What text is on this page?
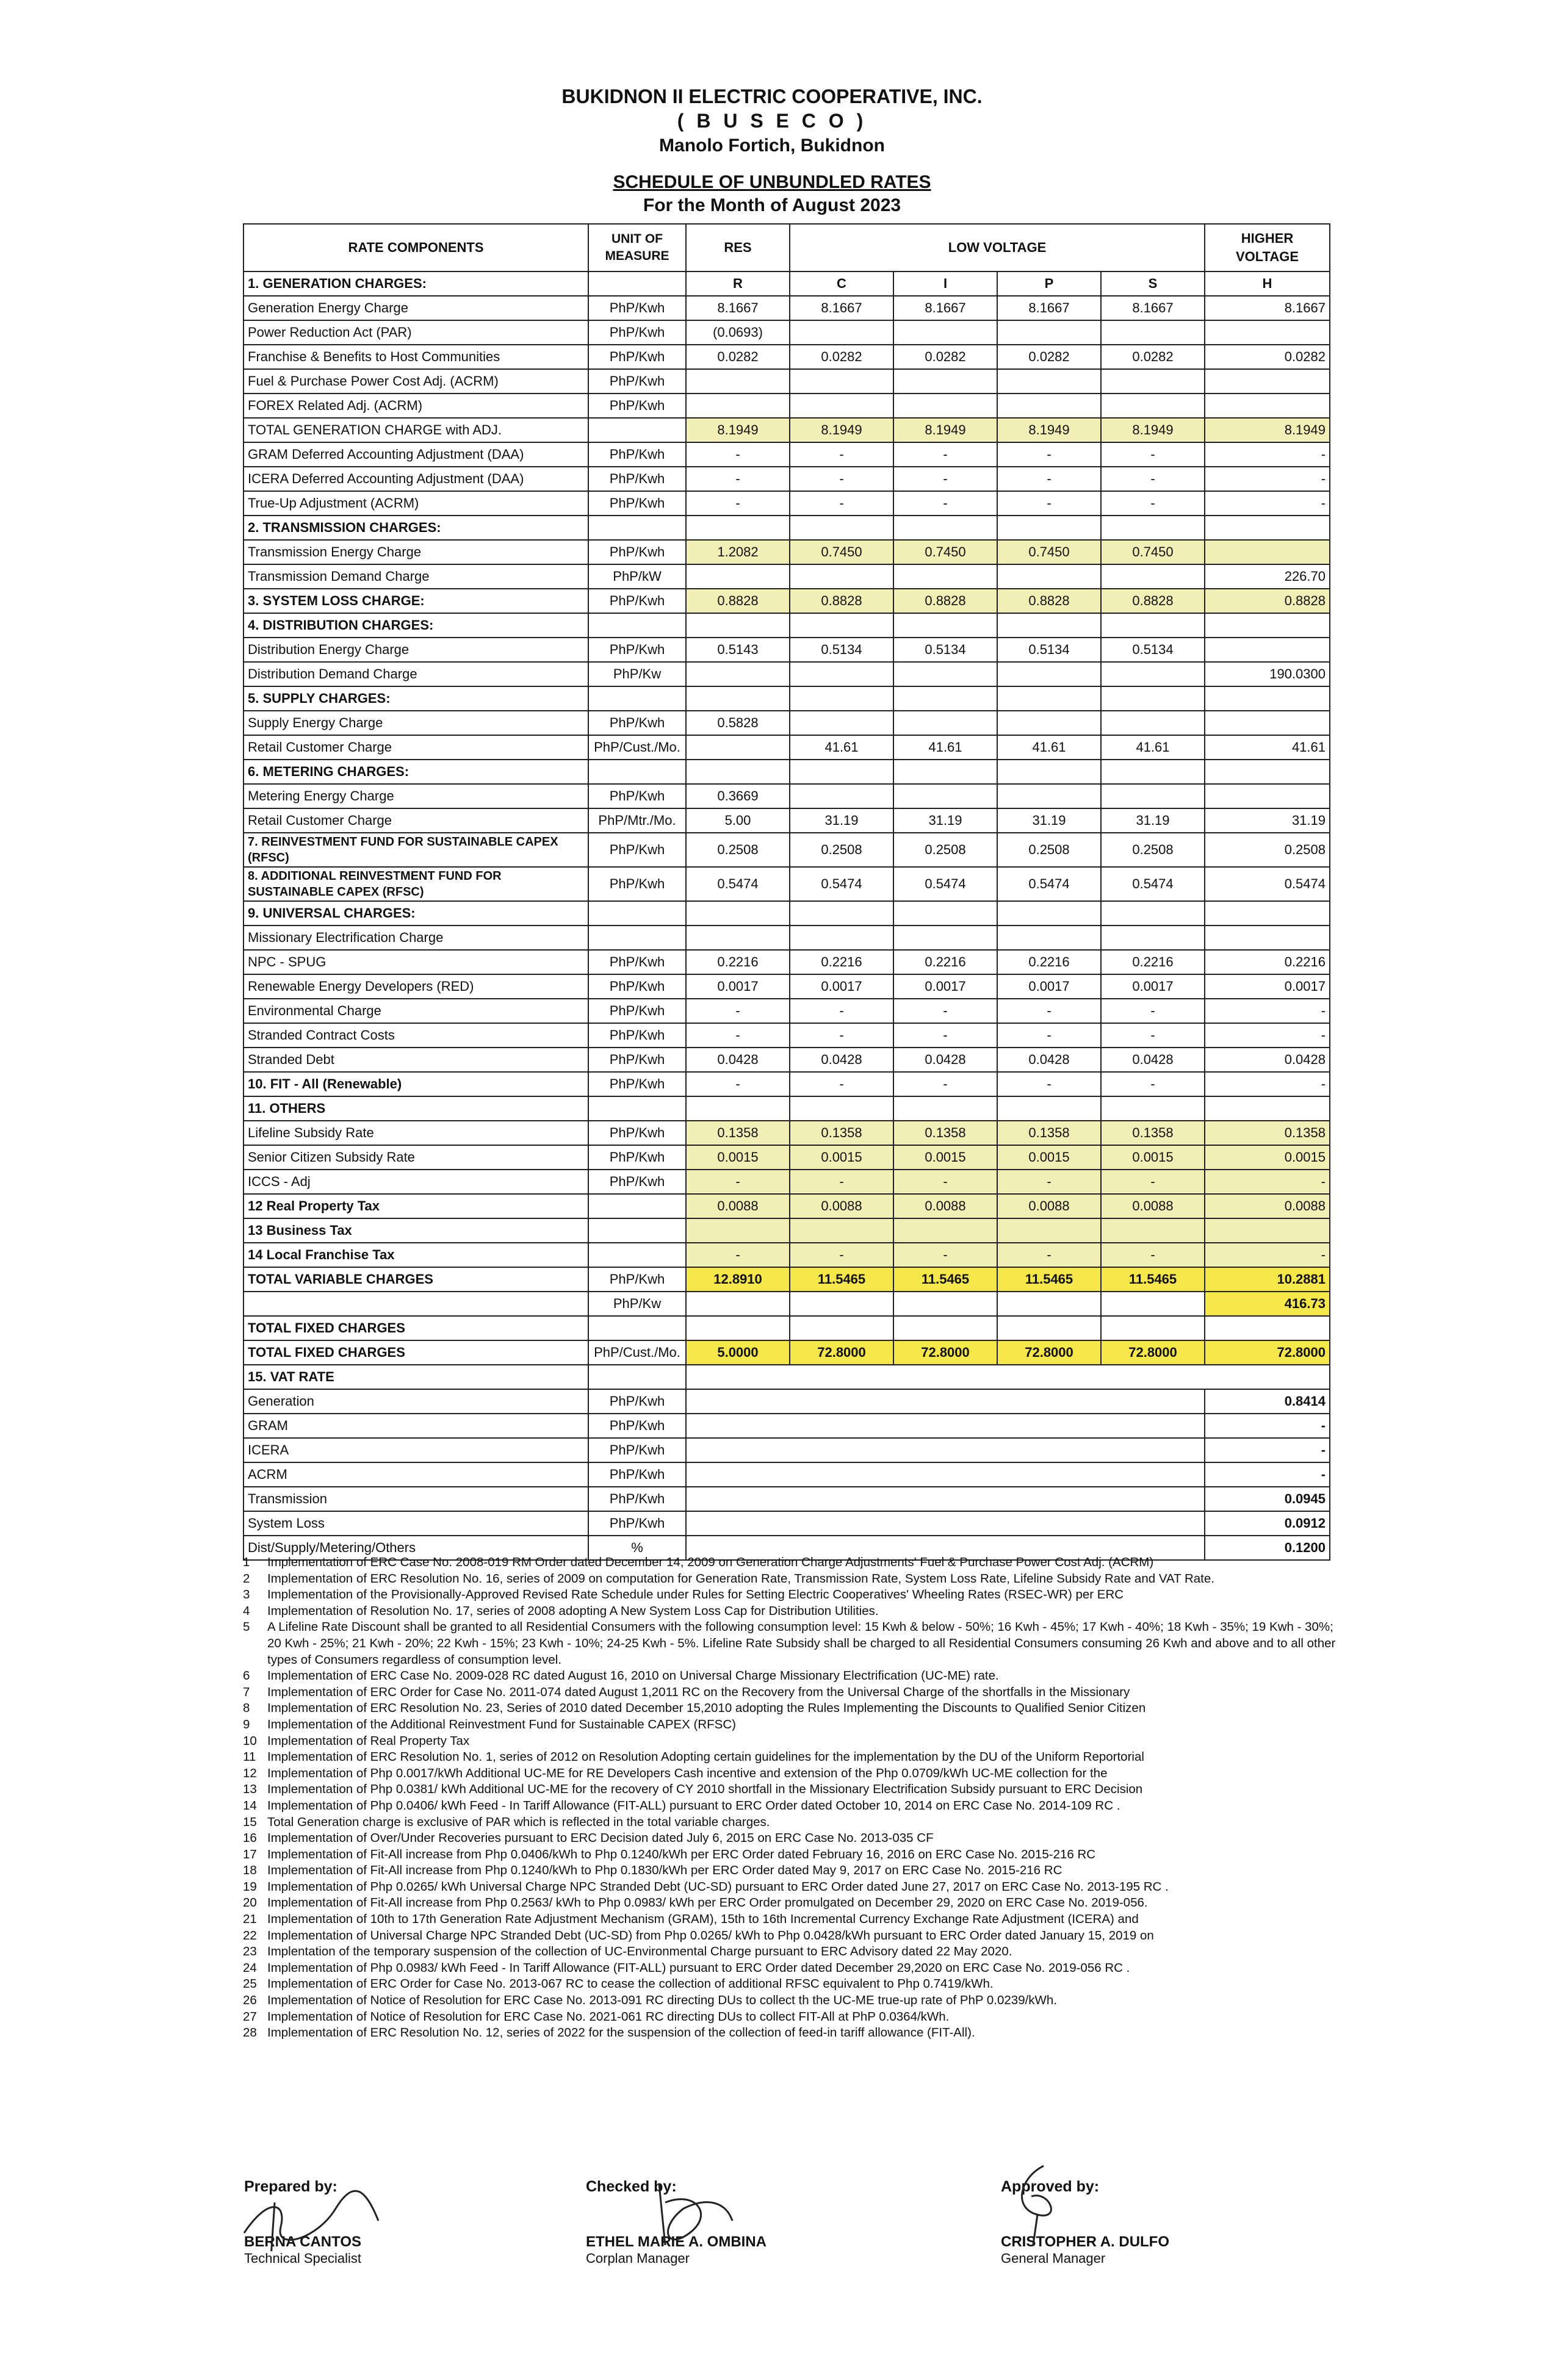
BUKIDNON II ELECTRIC COOPERATIVE, INC.
( B U S E C O )
Manolo Fortich, Bukidnon
SCHEDULE OF UNBUNDLED RATES
For the Month of August 2023
RATE COMPONENTS	UNIT OF MEASURE	RES	LOW VOLTAGE				HIGHER VOLTAGE
1. GENERATION CHARGES:		R	C	I	P	S	H
Generation Energy Charge	PhP/Kwh	8.1667	8.1667	8.1667	8.1667	8.1667	8.1667
Power Reduction Act (PAR)	PhP/Kwh	(0.0693)					
Franchise & Benefits to Host Communities	PhP/Kwh	0.0282	0.0282	0.0282	0.0282	0.0282	0.0282
Fuel & Purchase Power Cost Adj. (ACRM)	PhP/Kwh						
FOREX Related Adj. (ACRM)	PhP/Kwh						
TOTAL GENERATION CHARGE with ADJ.		8.1949	8.1949	8.1949	8.1949	8.1949	8.1949
GRAM Deferred Accounting Adjustment (DAA)	PhP/Kwh	-	-	-	-	-	-
ICERA Deferred Accounting Adjustment (DAA)	PhP/Kwh	-	-	-	-	-	-
True-Up Adjustment (ACRM)	PhP/Kwh	-	-	-	-	-	-
2. TRANSMISSION CHARGES:							
Transmission Energy Charge	PhP/Kwh	1.2082	0.7450	0.7450	0.7450	0.7450	
Transmission Demand Charge	PhP/kW						226.70
3. SYSTEM LOSS CHARGE:	PhP/Kwh	0.8828	0.8828	0.8828	0.8828	0.8828	0.8828
4. DISTRIBUTION CHARGES:							
Distribution Energy Charge	PhP/Kwh	0.5143	0.5134	0.5134	0.5134	0.5134	
Distribution Demand Charge	PhP/Kw						190.0300
5. SUPPLY CHARGES:							
Supply Energy Charge	PhP/Kwh	0.5828					
Retail Customer Charge	PhP/Cust./Mo.		41.61	41.61	41.61	41.61	41.61
6. METERING CHARGES:							
Metering Energy Charge	PhP/Kwh	0.3669					
Retail Customer Charge	PhP/Mtr./Mo.	5.00	31.19	31.19	31.19	31.19	31.19
7. REINVESTMENT FUND FOR SUSTAINABLE CAPEX (RFSC)	PhP/Kwh	0.2508	0.2508	0.2508	0.2508	0.2508	0.2508
8. ADDITIONAL REINVESTMENT FUND FOR SUSTAINABLE CAPEX (RFSC)	PhP/Kwh	0.5474	0.5474	0.5474	0.5474	0.5474	0.5474
9. UNIVERSAL CHARGES:							
Missionary Electrification Charge							
NPC - SPUG	PhP/Kwh	0.2216	0.2216	0.2216	0.2216	0.2216	0.2216
Renewable Energy Developers (RED)	PhP/Kwh	0.0017	0.0017	0.0017	0.0017	0.0017	0.0017
Environmental Charge	PhP/Kwh	-	-	-	-	-	-
Stranded Contract Costs	PhP/Kwh	-	-	-	-	-	-
Stranded Debt	PhP/Kwh	0.0428	0.0428	0.0428	0.0428	0.0428	0.0428
10. FIT - All (Renewable)	PhP/Kwh	-	-	-	-	-	-
11. OTHERS							
Lifeline Subsidy Rate	PhP/Kwh	0.1358	0.1358	0.1358	0.1358	0.1358	0.1358
Senior Citizen Subsidy Rate	PhP/Kwh	0.0015	0.0015	0.0015	0.0015	0.0015	0.0015
ICCS - Adj	PhP/Kwh	-	-	-	-	-	-
12 Real Property Tax		0.0088	0.0088	0.0088	0.0088	0.0088	0.0088
13 Business Tax							
14 Local Franchise Tax		-	-	-	-	-	-
TOTAL VARIABLE CHARGES	PhP/Kwh	12.8910	11.5465	11.5465	11.5465	11.5465	10.2881
	PhP/Kw						416.73
TOTAL FIXED CHARGES							
TOTAL FIXED CHARGES	PhP/Cust./Mo.	5.0000	72.8000	72.8000	72.8000	72.8000	72.8000
15. VAT RATE							
Generation	PhP/Kwh						0.8414
GRAM	PhP/Kwh						-
ICERA	PhP/Kwh						-
ACRM	PhP/Kwh						-
Transmission	PhP/Kwh						0.0945
System Loss	PhP/Kwh						0.0912
Dist/Supply/Metering/Others	%						0.1200
1	Implementation of ERC Case No. 2008-019 RM Order dated December 14, 2009 on Generation Charge Adjustments' Fuel & Purchase Power Cost Adj. (ACRM)
2	Implementation of ERC Resolution No. 16, series of 2009 on computation for Generation Rate, Transmission Rate, System Loss Rate, Lifeline Subsidy Rate and VAT Rate.
3	Implementation of the Provisionally-Approved Revised Rate Schedule under Rules for Setting Electric Cooperatives' Wheeling Rates (RSEC-WR) per ERC
4	Implementation of Resolution No. 17, series of 2008 adopting A New System Loss Cap for Distribution Utilities.
5	A Lifeline Rate Discount shall be granted to all Residential Consumers with the following consumption level: 15 Kwh & below - 50%; 16 Kwh - 45%; 17 Kwh - 40%; 18 Kwh - 35%; 19 Kwh - 30%; 20 Kwh - 25%; 21 Kwh - 20%; 22 Kwh - 15%; 23 Kwh - 10%; 24-25 Kwh - 5%. Lifeline Rate Subsidy shall be charged to all Residential Consumers consuming 26 Kwh and above and to all other types of Consumers regardless of consumption level.
6	Implementation of ERC Case No. 2009-028 RC dated August 16, 2010 on Universal Charge Missionary Electrification (UC-ME) rate.
7	Implementation of ERC Order for Case No. 2011-074 dated August 1,2011 RC on the Recovery from the Universal Charge of the shortfalls in the Missionary
8	Implementation of ERC Resolution No. 23, Series of 2010 dated December 15,2010 adopting the Rules Implementing the Discounts to Qualified Senior Citizen
9	Implementation of the Additional Reinvestment Fund for Sustainable CAPEX (RFSC)
10 Implementation of Real Property Tax
11 Implementation of ERC Resolution No. 1, series of 2012 on Resolution Adopting certain guidelines for the implementation by the DU of the Uniform Reportorial
12 Implementation of Php 0.0017/kWh Additional UC-ME for RE Developers Cash incentive and extension of the Php 0.0709/kWh UC-ME collection for the
13 Implementation of Php 0.0381/ kWh Additional UC-ME for the recovery of CY 2010 shortfall in the Missionary Electrification Subsidy pursuant to ERC Decision
14 Implementation of Php 0.0406/ kWh Feed - In Tariff Allowance (FIT-ALL) pursuant to ERC Order dated October 10, 2014 on ERC Case No. 2014-109 RC .
15 Total Generation charge is exclusive of PAR which is reflected in the total variable charges.
16 Implementation of Over/Under Recoveries pursuant to ERC Decision dated July 6, 2015 on ERC Case No. 2013-035 CF
17 Implementation of Fit-All increase from Php 0.0406/kWh to Php 0.1240/kWh per ERC Order dated February 16, 2016 on ERC Case No. 2015-216 RC
18 Implementation of Fit-All increase from Php 0.1240/kWh to Php 0.1830/kWh per ERC Order dated May 9, 2017 on ERC Case No. 2015-216 RC
19 Implementation of Php 0.0265/ kWh Universal Charge NPC Stranded Debt (UC-SD) pursuant to ERC Order dated June 27, 2017 on ERC Case No. 2013-195 RC .
20 Implementation of Fit-All increase from Php 0.2563/ kWh to Php 0.0983/ kWh per ERC Order promulgated on December 29, 2020 on ERC Case No. 2019-056.
21 Implementation of 10th to 17th Generation Rate Adjustment Mechanism (GRAM), 15th to 16th Incremental Currency Exchange Rate Adjustment (ICERA) and
22 Implementation of Universal Charge NPC Stranded Debt (UC-SD) from Php 0.0265/ kWh to Php 0.0428/kWh pursuant to ERC Order dated January 15, 2019 on
23 Implentation of the temporary suspension of the collection of UC-Environmental Charge pursuant to ERC Advisory dated 22 May 2020.
24 Implementation of Php 0.0983/ kWh Feed - In Tariff Allowance (FIT-ALL) pursuant to ERC Order dated December 29,2020 on ERC Case No. 2019-056 RC .
25 Implementation of ERC Order for Case No. 2013-067 RC to cease the collection of additional RFSC equivalent to Php 0.7419/kWh.
26 Implementation of Notice of Resolution for ERC Case No. 2013-091 RC directing DUs to collect th the UC-ME true-up rate of PhP 0.0239/kWh.
27 Implementation of Notice of Resolution for ERC Case No. 2021-061 RC directing DUs to collect FIT-All at PhP 0.0364/kWh.
28 Implementation of ERC Resolution No. 12, series of 2022 for the suspension of the collection of feed-in tariff allowance (FIT-All).
Prepared by:
BERNA CANTOS
Technical Specialist
Checked by:
ETHEL MARIE A. OMBINA
Corplan Manager
Approved by:
CRISTOPHER A. DULFO
General Manager
